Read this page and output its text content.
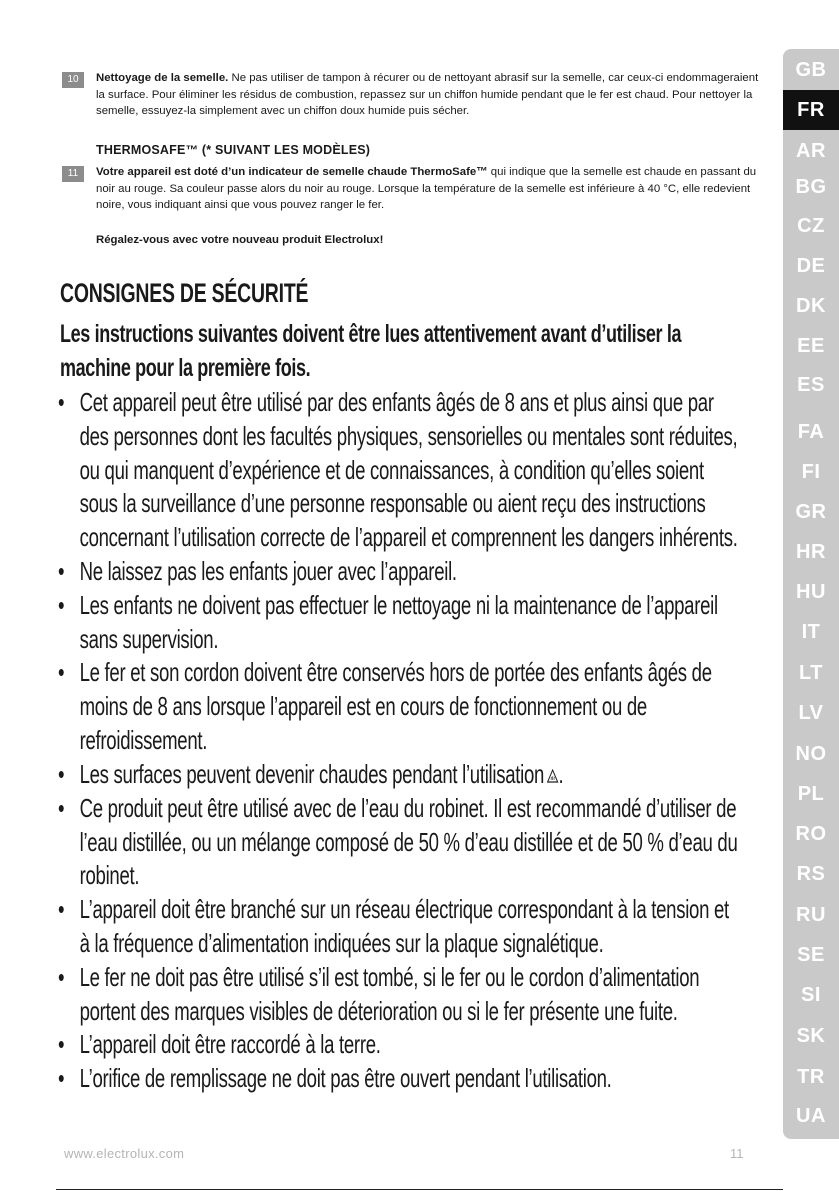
10	Nettoyage de la semelle. Ne pas utiliser de tampon à récurer ou de nettoyant abrasif sur la semelle, car ceux-ci endommageraient la surface. Pour éliminer les résidus de combustion, repassez sur un chiffon humide pendant que le fer est chaud. Pour nettoyer la semelle, essuyez-la simplement avec un chiffon doux humide puis sécher.
THERMOSAFE™ (* SUIVANT LES MODÈLES)
11	Votre appareil est doté d’un indicateur de semelle chaude ThermoSafe™ qui indique que la semelle est chaude en passant du noir au rouge. Sa couleur passe alors du noir au rouge. Lorsque la température de la semelle est inférieure à 40 °C, elle redevient noire, vous indiquant ainsi que vous pouvez ranger le fer.
Régalez-vous avec votre nouveau produit Electrolux!
CONSIGNES DE SÉCURITÉ
Les instructions suivantes doivent être lues attentivement avant d’utiliser la machine pour la première fois.
• Cet appareil peut être utilisé par des enfants âgés de 8 ans et plus ainsi que par des personnes dont les facultés physiques, sensorielles ou mentales sont réduites, ou qui manquent d’expérience et de connaissances, à condition qu’elles soient sous la surveillance d’une personne responsable ou aient reçu des instructions concernant l’utilisation correcte de l’appareil et comprennent les dangers inhérents.
• Ne laissez pas les enfants jouer avec l’appareil.
• Les enfants ne doivent pas effectuer le nettoyage ni la maintenance de l’appareil sans supervision.
• Le fer et son cordon doivent être conservés hors de portée des enfants âgés de moins de 8 ans lorsque l’appareil est en cours de fonctionnement ou de refroidissement.
• Les surfaces peuvent devenir chaudes pendant l’utilisation .
• Ce produit peut être utilisé avec de l’eau du robinet. Il est recommandé d’utiliser de l’eau distillée, ou un mélange composé de 50 % d’eau distillée et de 50 % d’eau du robinet.
• L’appareil doit être branché sur un réseau électrique correspondant à la tension et à la fréquence d’alimentation indiquées sur la plaque signalétique.
• Le fer ne doit pas être utilisé s’il est tombé, si le fer ou le cordon d’alimentation portent des marques visibles de déterioration ou si le fer présente une fuite.
• L’appareil doit être raccordé à la terre.
• L’orifice de remplissage ne doit pas être ouvert pendant l’utilisation.
GB
FR
AR
BG
CZ
DE
DK
EE
ES
FA
FI
GR
HR
HU
IT
LT
LV
NO
PL
RO
RS
RU
SE
SI
SK
TR
UA
www.electrolux.com	11
